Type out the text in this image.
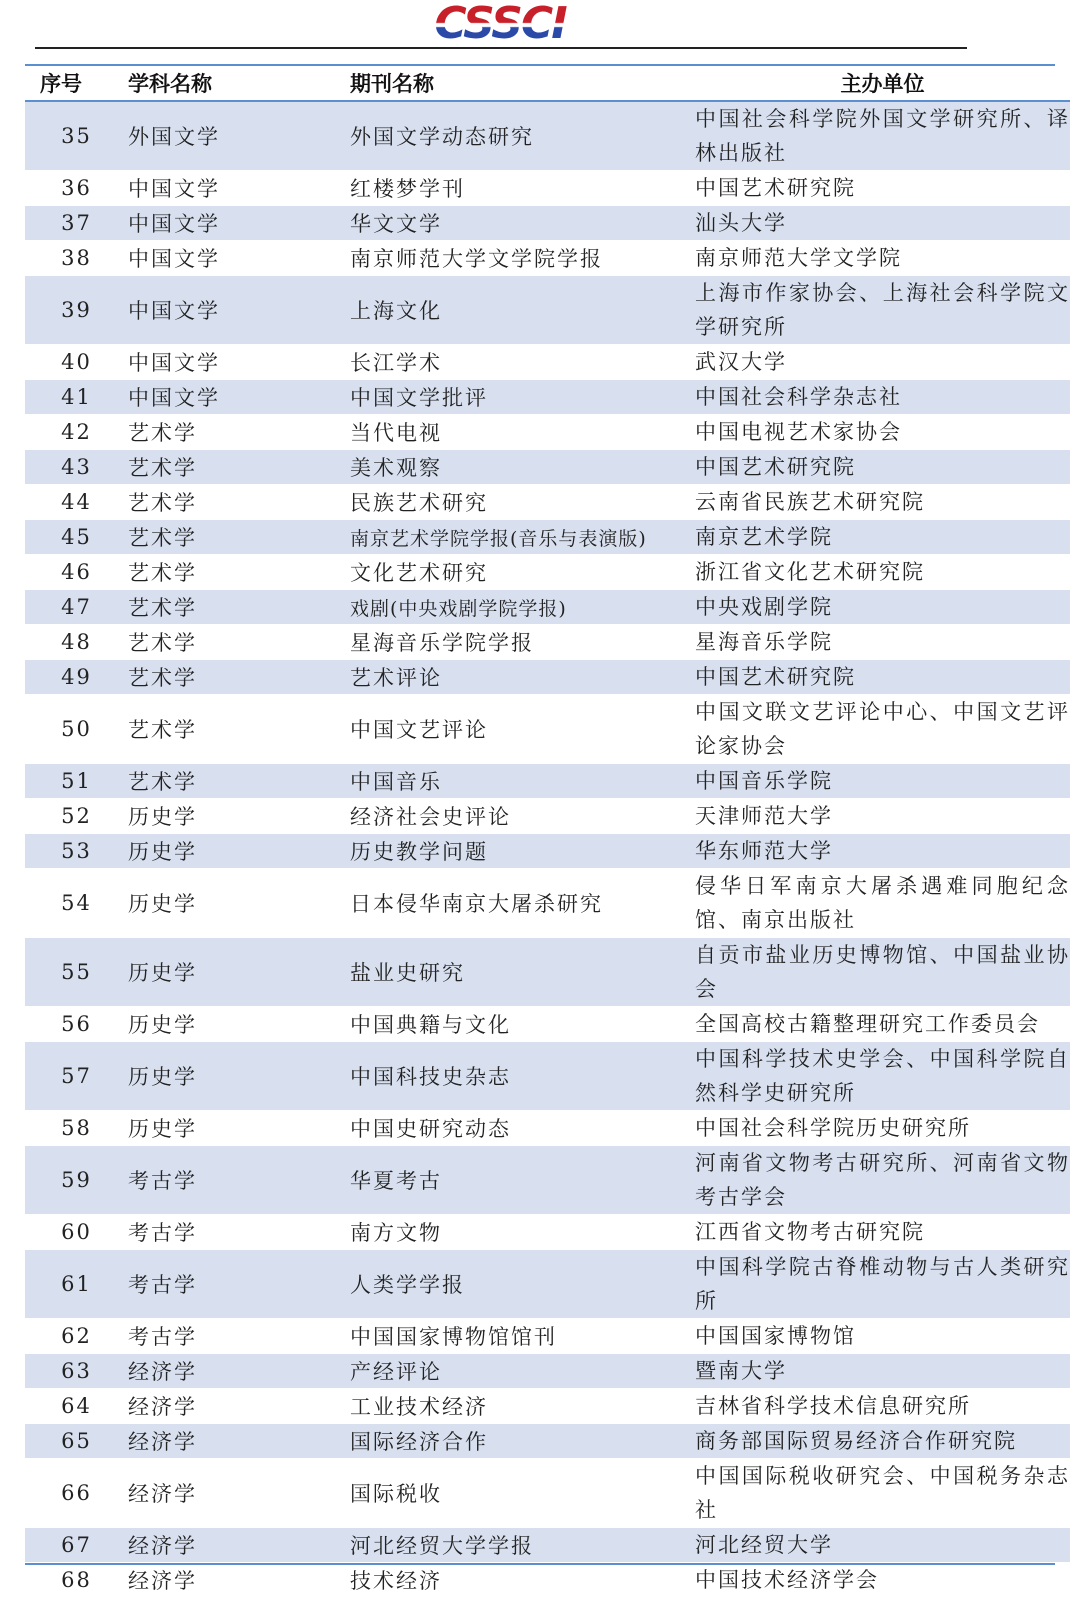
CSSCI
序号	学科名称	期刊名称	主办单位
35	外国文学	外国文学动态研究	中国社会科学院外国文学研究所、译林出版社
36	中国文学	红楼梦学刊	中国艺术研究院
37	中国文学	华文文学	汕头大学
38	中国文学	南京师范大学文学院学报	南京师范大学文学院
39	中国文学	上海文化	上海市作家协会、上海社会科学院文学研究所
40	中国文学	长江学术	武汉大学
41	中国文学	中国文学批评	中国社会科学杂志社
42	艺术学	当代电视	中国电视艺术家协会
43	艺术学	美术观察	中国艺术研究院
44	艺术学	民族艺术研究	云南省民族艺术研究院
45	艺术学	南京艺术学院学报(音乐与表演版)	南京艺术学院
46	艺术学	文化艺术研究	浙江省文化艺术研究院
47	艺术学	戏剧(中央戏剧学院学报)	中央戏剧学院
48	艺术学	星海音乐学院学报	星海音乐学院
49	艺术学	艺术评论	中国艺术研究院
50	艺术学	中国文艺评论	中国文联文艺评论中心、中国文艺评论家协会
51	艺术学	中国音乐	中国音乐学院
52	历史学	经济社会史评论	天津师范大学
53	历史学	历史教学问题	华东师范大学
54	历史学	日本侵华南京大屠杀研究	侵华日军南京大屠杀遇难同胞纪念馆、南京出版社
55	历史学	盐业史研究	自贡市盐业历史博物馆、中国盐业协会
56	历史学	中国典籍与文化	全国高校古籍整理研究工作委员会
57	历史学	中国科技史杂志	中国科学技术史学会、中国科学院自然科学史研究所
58	历史学	中国史研究动态	中国社会科学院历史研究所
59	考古学	华夏考古	河南省文物考古研究所、河南省文物考古学会
60	考古学	南方文物	江西省文物考古研究院
61	考古学	人类学学报	中国科学院古脊椎动物与古人类研究所
62	考古学	中国国家博物馆馆刊	中国国家博物馆
63	经济学	产经评论	暨南大学
64	经济学	工业技术经济	吉林省科学技术信息研究所
65	经济学	国际经济合作	商务部国际贸易经济合作研究院
66	经济学	国际税收	中国国际税收研究会、中国税务杂志社
67	经济学	河北经贸大学学报	河北经贸大学
68	经济学	技术经济	中国技术经济学会
